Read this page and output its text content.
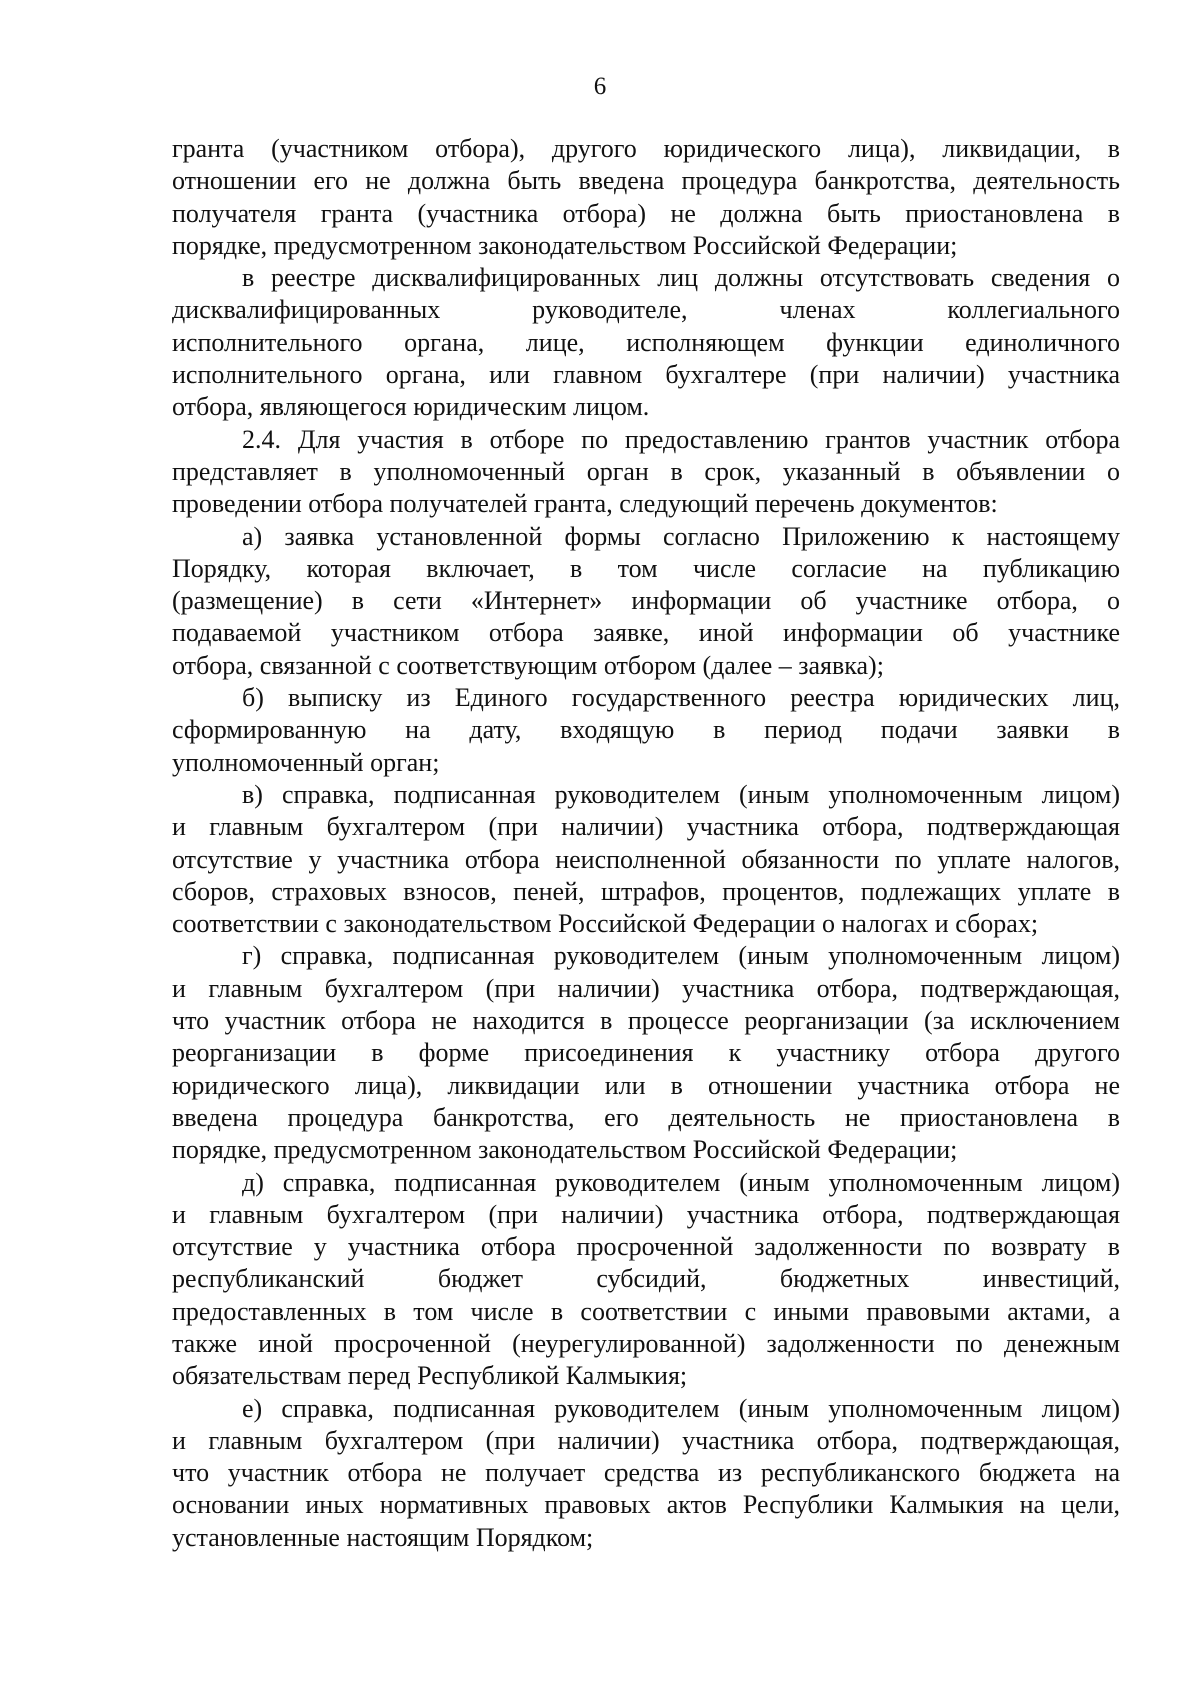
6
гранта (участником отбора), другого юридического лица), ликвидации, в
отношении его не должна быть введена процедура банкротства, деятельность
получателя гранта (участника отбора) не должна быть приостановлена в
порядке, предусмотренном законодательством Российской Федерации;
в реестре дисквалифицированных лиц должны отсутствовать сведения о
дисквалифицированных руководителе, членах коллегиального
исполнительного органа, лице, исполняющем функции единоличного
исполнительного органа, или главном бухгалтере (при наличии) участника
отбора, являющегося юридическим лицом.
2.4. Для участия в отборе по предоставлению грантов участник отбора
представляет в уполномоченный орган в срок, указанный в объявлении о
проведении отбора получателей гранта, следующий перечень документов:
а) заявка установленной формы согласно Приложению к настоящему
Порядку, которая включает, в том числе согласие на публикацию
(размещение) в сети «Интернет» информации об участнике отбора, о
подаваемой участником отбора заявке, иной информации об участнике
отбора, связанной с соответствующим отбором (далее – заявка);
б) выписку из Единого государственного реестра юридических лиц,
сформированную на дату, входящую в период подачи заявки в
уполномоченный орган;
в) справка, подписанная руководителем (иным уполномоченным лицом)
и главным бухгалтером (при наличии) участника отбора, подтверждающая
отсутствие у участника отбора неисполненной обязанности по уплате налогов,
сборов, страховых взносов, пеней, штрафов, процентов, подлежащих уплате в
соответствии с законодательством Российской Федерации о налогах и сборах;
г) справка, подписанная руководителем (иным уполномоченным лицом)
и главным бухгалтером (при наличии) участника отбора, подтверждающая,
что участник отбора не находится в процессе реорганизации (за исключением
реорганизации в форме присоединения к участнику отбора другого
юридического лица), ликвидации или в отношении участника отбора не
введена процедура банкротства, его деятельность не приостановлена в
порядке, предусмотренном законодательством Российской Федерации;
д) справка, подписанная руководителем (иным уполномоченным лицом)
и главным бухгалтером (при наличии) участника отбора, подтверждающая
отсутствие у участника отбора просроченной задолженности по возврату в
республиканский бюджет субсидий, бюджетных инвестиций,
предоставленных в том числе в соответствии с иными правовыми актами, а
также иной просроченной (неурегулированной) задолженности по денежным
обязательствам перед Республикой Калмыкия;
е) справка, подписанная руководителем (иным уполномоченным лицом)
и главным бухгалтером (при наличии) участника отбора, подтверждающая,
что участник отбора не получает средства из республиканского бюджета на
основании иных нормативных правовых актов Республики Калмыкия на цели,
установленные настоящим Порядком;
